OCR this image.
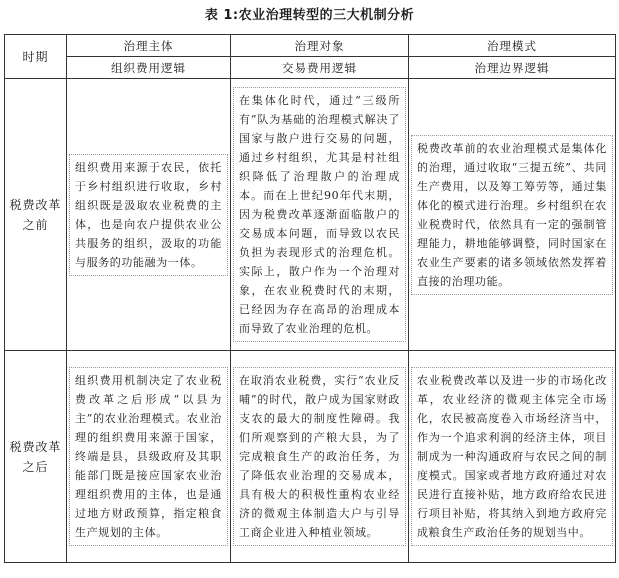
表 1:农业治理转型的三大机制分析
时期	治理主体	治理对象	治理模式
	组织费用逻辑	交易费用逻辑	治理边界逻辑

税费改革
之前	组织费用来源于农民，依托于乡村组织进行收取，乡村组织既是汲取农业税费的主体，也是向农户提供农业公共服务的组织，汲取的功能与服务的功能融为一体。	在集体化时代，通过“三级所有”队为基础的治理模式解决了国家与散户进行交易的问题，通过乡村组织，尤其是村社组织降低了治理散户的治理成本。而在上世纪90年代末期，因为税费改革逐渐面临散户的交易成本问题，而导致以农民负担为表现形式的治理危机。实际上，散户作为一个治理对象，在农业税费时代的末期，已经因为存在高昂的治理成本而导致了农业治理的危机。	税费改革前的农业治理模式是集体化的治理，通过收取“三提五统”、共同生产费用，以及筹工筹劳等，通过集体化的模式进行治理。乡村组织在农业税费时代，依然具有一定的强制管理能力，耕地能够调整，同时国家在农业生产要素的诸多领域依然发挥着直接的治理功能。

税费改革
之后	组织费用机制决定了农业税费改革之后形成“以县为主”的农业治理模式。农业治理的组织费用来源于国家，终端是县，县级政府及其职能部门既是接应国家农业治理组织费用的主体，也是通过地方财政预算，指定粮食生产规划的主体。	在取消农业税费，实行“农业反哺”的时代，散户成为国家财政支农的最大的制度性障碍。我们所观察到的产粮大县，为了完成粮食生产的政治任务，为了降低农业治理的交易成本，具有极大的积极性重构农业经济的微观主体制造大户与引导工商企业进入种植业领域。	农业税费改革以及进一步的市场化改革，农业经济的微观主体完全市场化，农民被高度卷入市场经济当中，作为一个追求利润的经济主体，项目制成为一种沟通政府与农民之间的制度模式。国家或者地方政府通过对农民进行直接补贴，地方政府给农民进行项目补贴，将其纳入到地方政府完成粮食生产政治任务的规划当中。
